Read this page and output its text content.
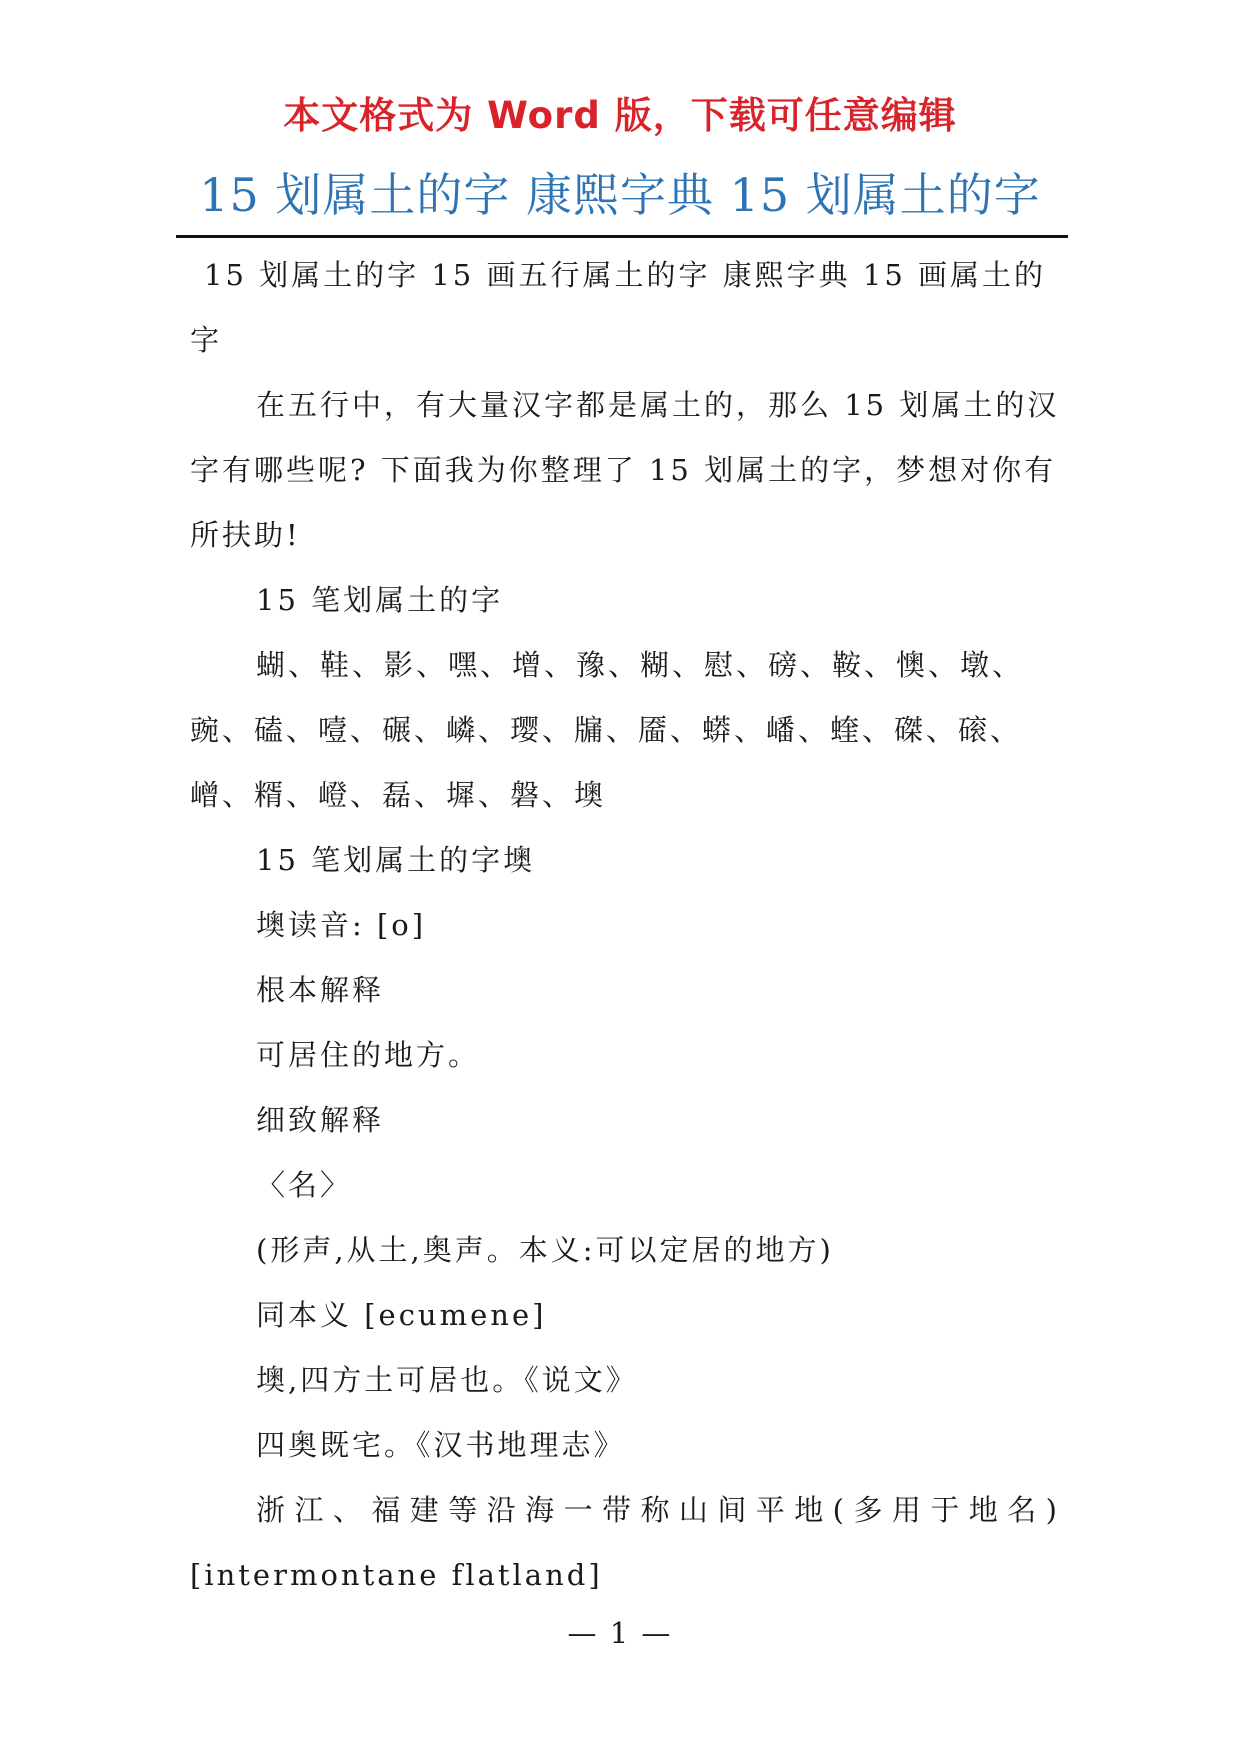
本文格式为 Word 版，下载可任意编辑
15 划属土的字 康熙字典 15 划属土的字

15 划属土的字 15 画五行属土的字 康熙字典 15 画属土的字

在五行中，有大量汉字都是属土的，那么 15 划属土的汉字有哪些呢? 下面我为你整理了 15 划属土的字，梦想对你有所扶助!

15 笔划属土的字

蝴、鞋、影、嘿、增、豫、糊、慰、磅、鞍、懊、墩、豌、磕、噎、碾、嶙、璎、牖、靥、蟒、嶓、蝰、磔、磙、嶒、糈、嶝、磊、墀、磐、墺

15 笔划属土的字墺

墺读音: [o]

根本解释

可居住的地方。

细致解释

〈名〉

(形声,从土,奥声。本义:可以定居的地方)

同本义 [ecumene]

墺,四方土可居也。《说文》

四奥既宅。《汉书地理志》

浙江、福建等沿海一带称山间平地(多用于地名)

[intermontane flatland]

— 1 —
